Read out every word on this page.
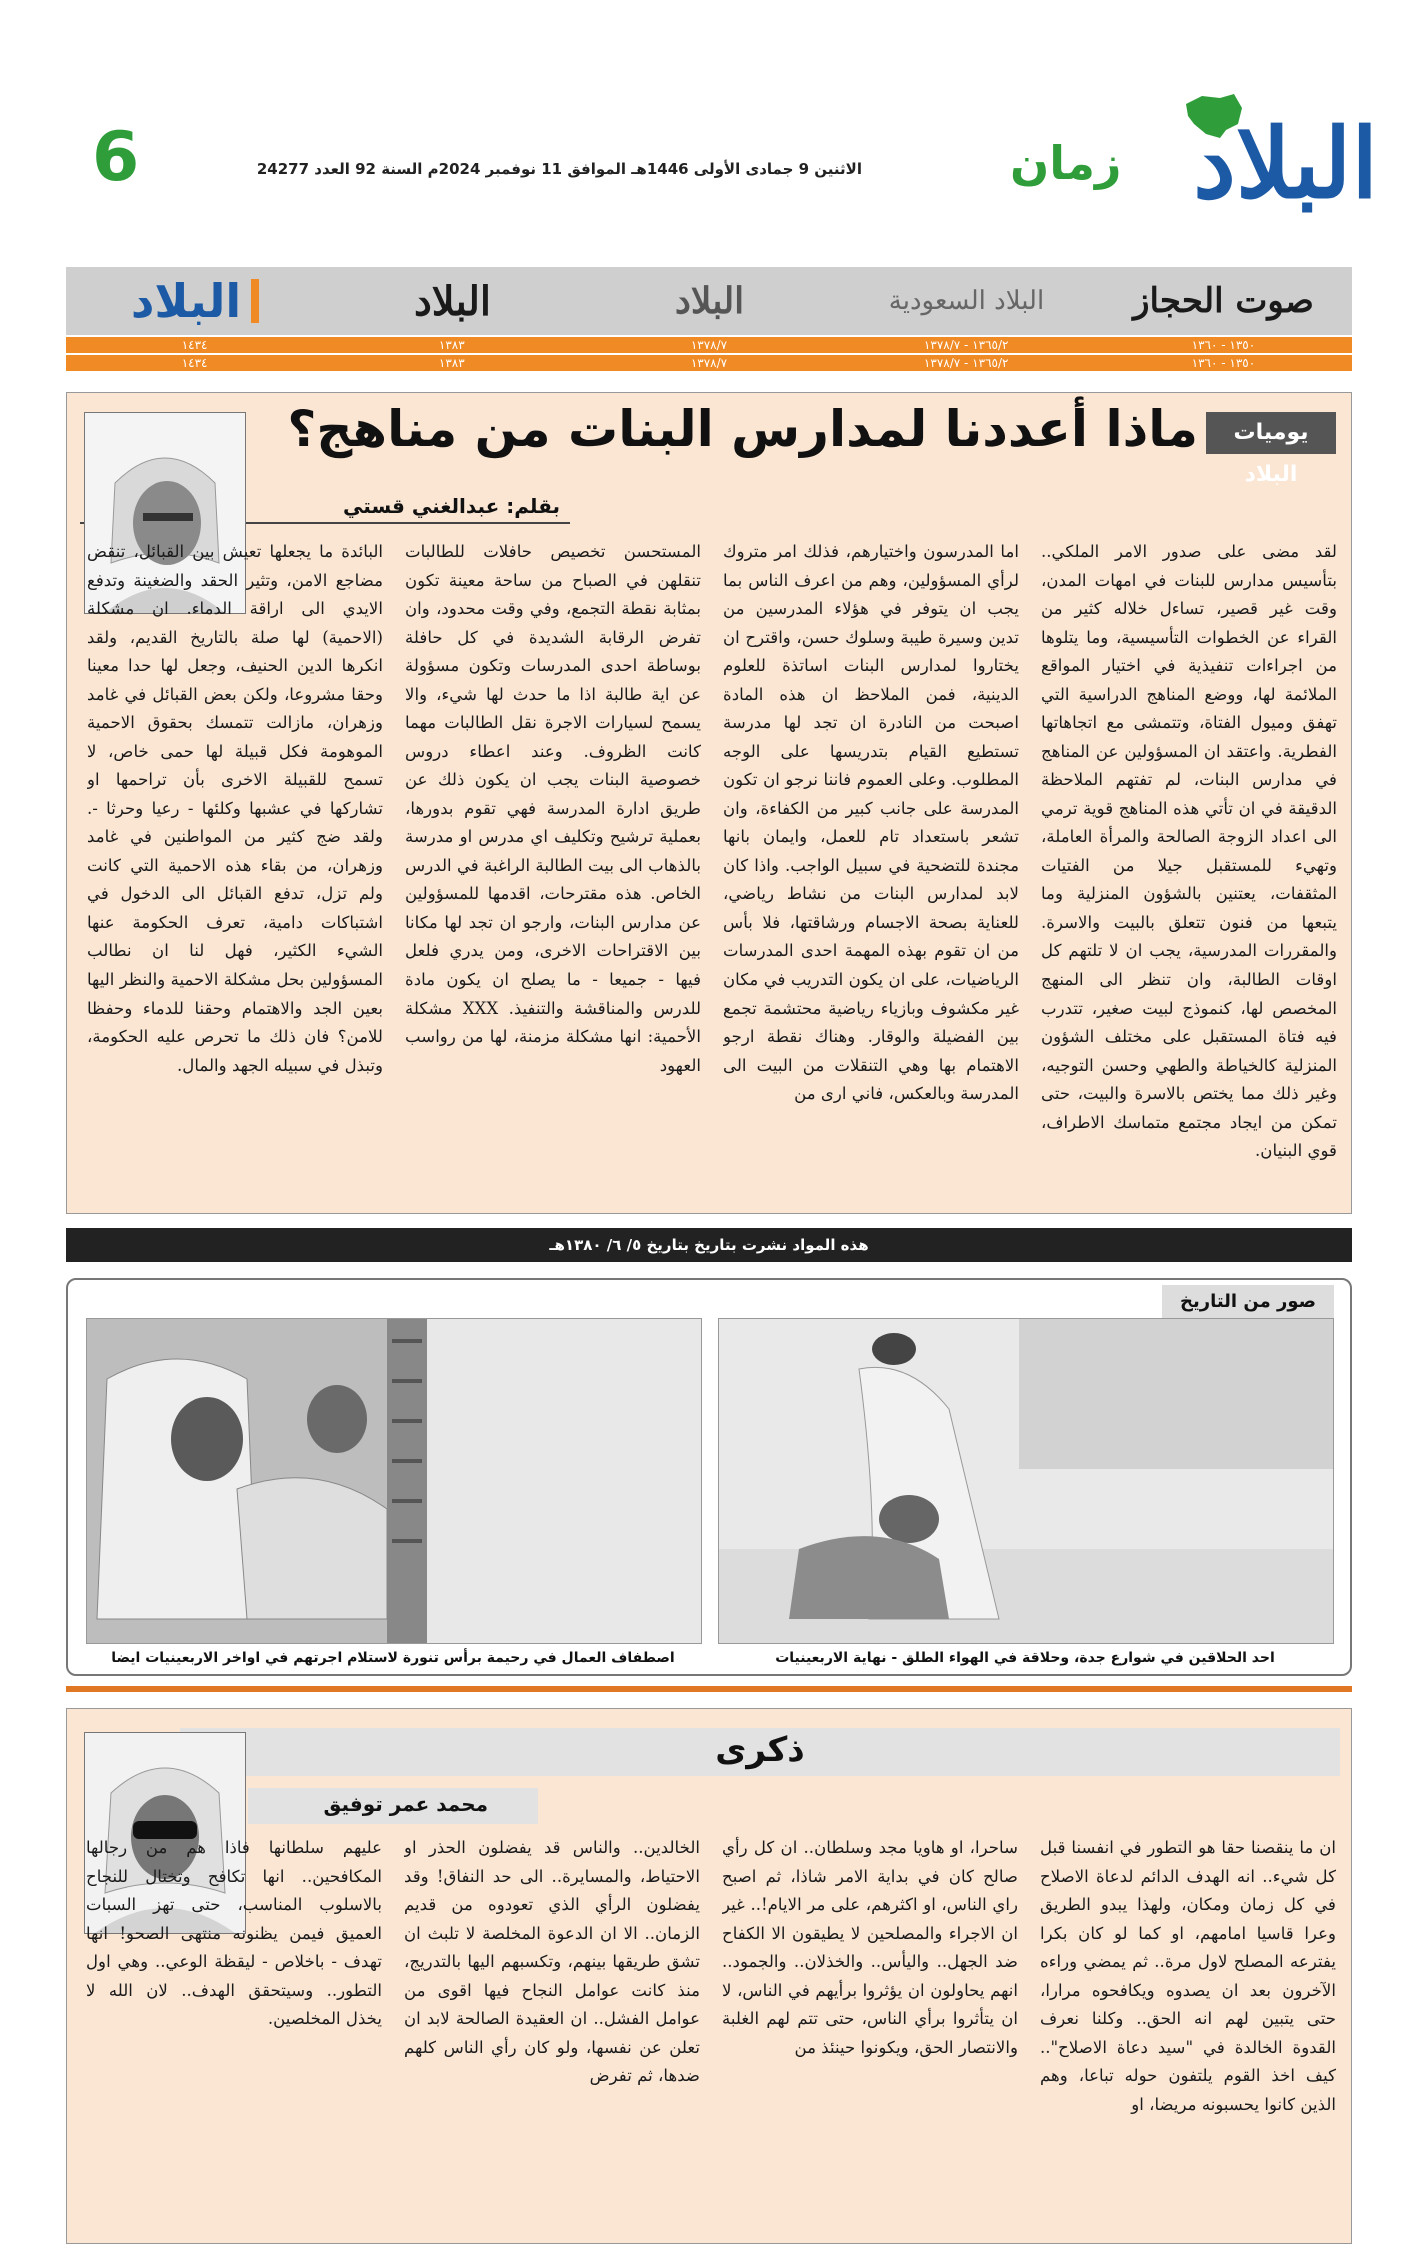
6	الاثنين 9 جمادى الأولى 1446هـ الموافق 11 نوفمبر 2024م السنة 92 العدد 24277	زمان البلاد
صوت الحجاز
البلاد السعودية
البلاد
البلاد
البلاد
١٣٥٠ - ١٣٦٠
١٣٦٥/٢ - ١٣٧٨/٧
١٣٧٨/٧
١٣٨٣
١٤٣٤
١٣٥٠ - ١٣٦٠
١٣٦٥/٢ - ١٣٧٨/٧
١٣٧٨/٧
١٣٨٣
١٤٣٤
يوميات البلاد
ماذا أعددنا لمدارس البنات من مناهج؟
بقلم: عبدالغني قستي

لقد مضى على صدور الامر الملكي.. بتأسيس مدارس للبنات في امهات المدن، وقت غير قصير، تساءل خلاله كثير من القراء عن الخطوات التأسيسية، وما يتلوها من اجراءات تنفيذية في اختيار المواقع الملائمة لها، ووضع المناهج الدراسية التي تهفق وميول الفتاة، وتتمشى مع اتجاهاتها الفطرية. واعتقد ان المسؤولين عن المناهج في مدارس البنات، لم تفتهم الملاحظة الدقيقة في ان تأتي هذه المناهج قوية ترمي الى اعداد الزوجة الصالحة والمرأة العاملة، وتهيء للمستقبل جيلا من الفتيات المثقفات، يعتنين بالشؤون المنزلية وما يتبعها من فنون تتعلق بالبيت والاسرة. والمقررات المدرسية، يجب ان لا تلتهم كل اوقات الطالبة، وان تنظر الى المنهج المخصص لها، كنموذج لبيت صغير، تتدرب فيه فتاة المستقبل على مختلف الشؤون المنزلية كالخياطة والطهي وحسن التوجيه، وغير ذلك مما يختص بالاسرة والبيت، حتى تمكن من ايجاد مجتمع متماسك الاطراف، قوي البنيان.

اما المدرسون واختيارهم، فذلك امر متروك لرأي المسؤولين، وهم من اعرف الناس بما يجب ان يتوفر في هؤلاء المدرسين من تدين وسيرة طيبة وسلوك حسن، واقترح ان يختاروا لمدارس البنات اساتذة للعلوم الدينية، فمن الملاحظ ان هذه المادة اصبحت من النادرة ان تجد لها مدرسة تستطيع القيام بتدريسها على الوجه المطلوب. وعلى العموم فاننا نرجو ان تكون المدرسة على جانب كبير من الكفاءة، وان تشعر باستعداد تام للعمل، وايمان بانها مجندة للتضحية في سبيل الواجب. واذا كان لابد لمدارس البنات من نشاط رياضي، للعناية بصحة الاجسام ورشاقتها، فلا بأس من ان تقوم بهذه المهمة احدى المدرسات الرياضيات، على ان يكون التدريب في مكان غير مكشوف وبازياء رياضية محتشمة تجمع بين الفضيلة والوقار. وهناك نقطة ارجو الاهتمام بها وهي التنقلات من البيت الى المدرسة وبالعكس، فاني ارى من

المستحسن تخصيص حافلات للطالبات تنقلهن في الصباح من ساحة معينة تكون بمثابة نقطة التجمع، وفي وقت محدود، وان تفرض الرقابة الشديدة في كل حافلة بوساطة احدى المدرسات وتكون مسؤولة عن اية طالبة اذا ما حدث لها شيء، والا يسمح لسيارات الاجرة نقل الطالبات مهما كانت الظروف. وعند اعطاء دروس خصوصية البنات يجب ان يكون ذلك عن طريق ادارة المدرسة فهي تقوم بدورها، بعملية ترشيح وتكليف اي مدرس او مدرسة بالذهاب الى بيت الطالبة الراغبة في الدرس الخاص. هذه مقترحات، اقدمها للمسؤولين عن مدارس البنات، وارجو ان تجد لها مكانا بين الاقتراحات الاخرى، ومن يدري فلعل فيها - جميعا - ما يصلح ان يكون مادة للدرس والمناقشة والتنفيذ. XXX مشكلة الأحمية: انها مشكلة مزمنة، لها من رواسب العهود

البائدة ما يجعلها تعيش بين القبائل، تنقض مضاجع الامن، وتثير الحقد والضغينة وتدفع الايدي الى اراقة الدماء. ان مشكلة (الاحمية) لها صلة بالتاريخ القديم، ولقد انكرها الدين الحنيف، وجعل لها حدا معينا وحقا مشروعا، ولكن بعض القبائل في غامد وزهران، مازالت تتمسك بحقوق الاحمية الموهومة فكل قبيلة لها حمى خاص، لا تسمح للقبيلة الاخرى بأن تراحمها او تشاركها في عشبها وكلئها - رعيا وحرثا -. ولقد ضج كثير من المواطنين في غامد وزهران، من بقاء هذه الاحمية التي كانت ولم تزل، تدفع القبائل الى الدخول في اشتباكات دامية، تعرف الحكومة عنها الشيء الكثير، فهل لنا ان نطالب المسؤولين بحل مشكلة الاحمية والنظر اليها بعين الجد والاهتمام وحقنا للدماء وحفظا للامن؟ فان ذلك ما تحرص عليه الحكومة، وتبذل في سبيله الجهد والمال.

هذه المواد نشرت بتاريخ بتاريخ ٥/ ٦/ ١٣٨٠هـ
صور من التاريخ
احد الحلاقين في شوارع جدة، وحلاقة في الهواء الطلق - نهاية الاربعينيات
اصطفاف العمال في رحيمة برأس تنورة لاستلام اجرتهم في اواخر الاربعينيات ايضا
ذكرى
محمد عمر توفيق

ان ما ينقصنا حقا هو التطور في انفسنا قبل كل شيء.. انه الهدف الدائم لدعاة الاصلاح في كل زمان ومكان، ولهذا يبدو الطريق وعرا قاسيا امامهم، او كما لو كان بكرا يفترعه المصلح لاول مرة.. ثم يمضي وراءه الآخرون بعد ان يصدوه ويكافحوه مرارا، حتى يتبين لهم انه الحق.. وكلنا نعرف القدوة الخالدة في "سيد دعاة الاصلاح".. كيف اخذ القوم يلتفون حوله تباعا، وهم الذين كانوا يحسبونه مريضا، او

ساحرا، او هاويا مجد وسلطان.. ان كل رأي صالح كان في بداية الامر شاذا، ثم اصبح راي الناس، او اكثرهم، على مر الايام!.. غير ان الاجراء والمصلحين لا يطيقون الا الكفاح ضد الجهل.. واليأس.. والخذلان.. والجمود.. انهم يحاولون ان يؤثروا برأيهم في الناس، لا ان يتأثروا برأي الناس، حتى تتم لهم الغلبة والانتصار الحق، ويكونوا حينئذ من

الخالدين.. والناس قد يفضلون الحذر او الاحتياط، والمسايرة.. الى حد النفاق! وقد يفضلون الرأي الذي تعودوه من قديم الزمان.. الا ان الدعوة المخلصة لا تلبث ان تشق طريقها بينهم، وتكسبهم اليها بالتدريج، منذ كانت عوامل النجاح فيها اقوى من عوامل الفشل.. ان العقيدة الصالحة لابد ان تعلن عن نفسها، ولو كان رأي الناس كلهم ضدها، ثم تفرض

عليهم سلطانها فاذا هم من رجالها المكافحين.. انها تكافح وتختال للنجاح بالاسلوب المناسب، حتى تهز السبات العميق فيمن يظنونه منتهى الصحو! انها تهدف - باخلاص - ليقظة الوعي.. وهي اول التطور.. وسيتحقق الهدف.. لان الله لا يخذل المخلصين.
